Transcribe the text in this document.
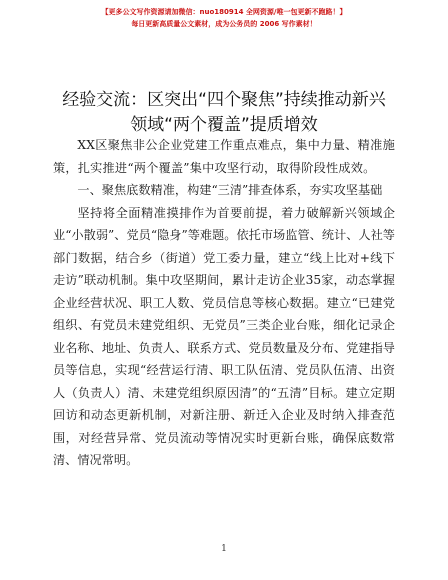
【更多公文写作资源请加微信：nuo180914 全网资源/唯一包更新不跑路！】
每日更新高质量公文素材，成为公务员的 2006 写作素材！
经验交流：区突出“四个聚焦”持续推动新兴
领域“两个覆盖”提质增效

XX区聚焦非公企业党建工作重点难点，集中力量、精准施策，扎实推进“两个覆盖”集中攻坚行动，取得阶段性成效。

一、聚焦底数精准，构建“三清”排查体系，夯实攻坚基础

坚持将全面精准摸排作为首要前提，着力破解新兴领域企业“小散弱”、党员“隐身”等难题。依托市场监管、统计、人社等部门数据，结合乡（街道）党工委力量，建立“线上比对+线下走访”联动机制。集中攻坚期间，累计走访企业35家，动态掌握企业经营状况、职工人数、党员信息等核心数据。建立“已建党组织、有党员未建党组织、无党员”三类企业台账，细化记录企业名称、地址、负责人、联系方式、党员数量及分布、党建指导员等信息，实现“经营运行清、职工队伍清、党员队伍清、出资人（负责人）清、未建党组织原因清”的“五清”目标。建立定期回访和动态更新机制，对新注册、新迁入企业及时纳入排查范围，对经营异常、党员流动等情况实时更新台账，确保底数常清、情况常明。

1
